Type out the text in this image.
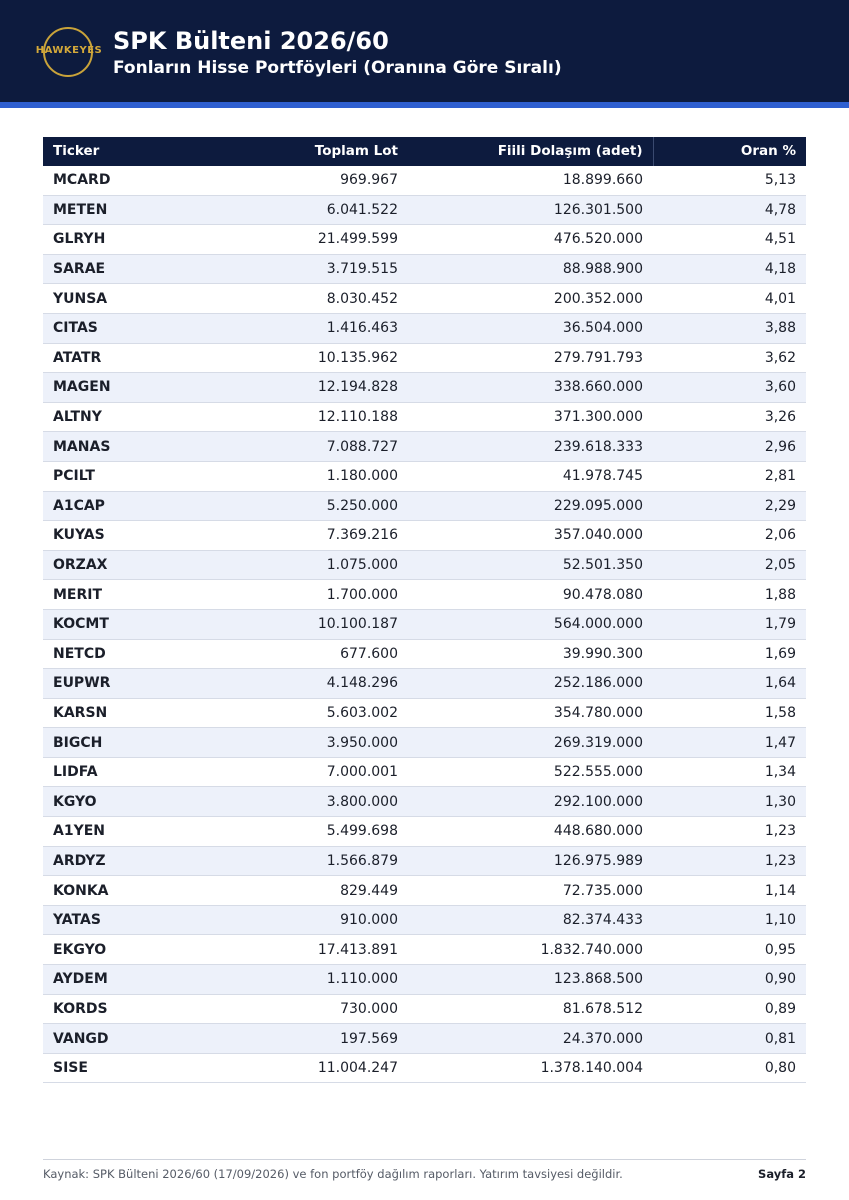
HAWKEYES SPK Bülteni 2026/60
Fonların Hisse Portföyleri (Oranına Göre Sıralı)
Ticker	Toplam Lot	Fiili Dolaşım (adet)	Oran %
MCARD	969.967	18.899.660	5,13
METEN	6.041.522	126.301.500	4,78
GLRYH	21.499.599	476.520.000	4,51
SARAE	3.719.515	88.988.900	4,18
YUNSA	8.030.452	200.352.000	4,01
CITAS	1.416.463	36.504.000	3,88
ATATR	10.135.962	279.791.793	3,62
MAGEN	12.194.828	338.660.000	3,60
ALTNY	12.110.188	371.300.000	3,26
MANAS	7.088.727	239.618.333	2,96
PCILT	1.180.000	41.978.745	2,81
A1CAP	5.250.000	229.095.000	2,29
KUYAS	7.369.216	357.040.000	2,06
ORZAX	1.075.000	52.501.350	2,05
MERIT	1.700.000	90.478.080	1,88
KOCMT	10.100.187	564.000.000	1,79
NETCD	677.600	39.990.300	1,69
EUPWR	4.148.296	252.186.000	1,64
KARSN	5.603.002	354.780.000	1,58
BIGCH	3.950.000	269.319.000	1,47
LIDFA	7.000.001	522.555.000	1,34
KGYO	3.800.000	292.100.000	1,30
A1YEN	5.499.698	448.680.000	1,23
ARDYZ	1.566.879	126.975.989	1,23
KONKA	829.449	72.735.000	1,14
YATAS	910.000	82.374.433	1,10
EKGYO	17.413.891	1.832.740.000	0,95
AYDEM	1.110.000	123.868.500	0,90
KORDS	730.000	81.678.512	0,89
VANGD	197.569	24.370.000	0,81
SISE	11.004.247	1.378.140.004	0,80
Kaynak: SPK Bülteni 2026/60 (17/09/2026) ve fon portföy dağılım raporları. Yatırım tavsiyesi değildir.	Sayfa 2
